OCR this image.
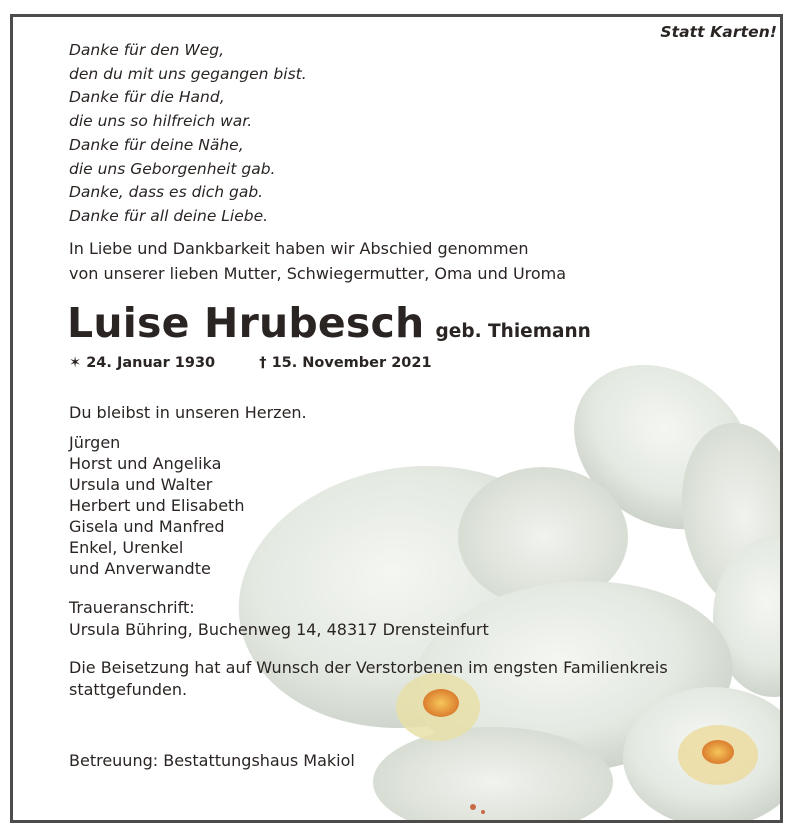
Statt Karten!
Danke für den Weg,
den du mit uns gegangen bist.
Danke für die Hand,
die uns so hilfreich war.
Danke für deine Nähe,
die uns Geborgenheit gab.
Danke, dass es dich gab.
Danke für all deine Liebe.
In Liebe und Dankbarkeit haben wir Abschied genommen
von unserer lieben Mutter, Schwiegermutter, Oma und Uroma
Luise Hrubesch geb. Thiemann
✶ 24. Januar 1930	† 15. November 2021
Du bleibst in unseren Herzen.
Jürgen
Horst und Angelika
Ursula und Walter
Herbert und Elisabeth
Gisela und Manfred
Enkel, Urenkel
und Anverwandte
Traueranschrift:
Ursula Bühring, Buchenweg 14, 48317 Drensteinfurt
Die Beisetzung hat auf Wunsch der Verstorbenen im engsten Familienkreis
stattgefunden.
Betreuung: Bestattungshaus Makiol
